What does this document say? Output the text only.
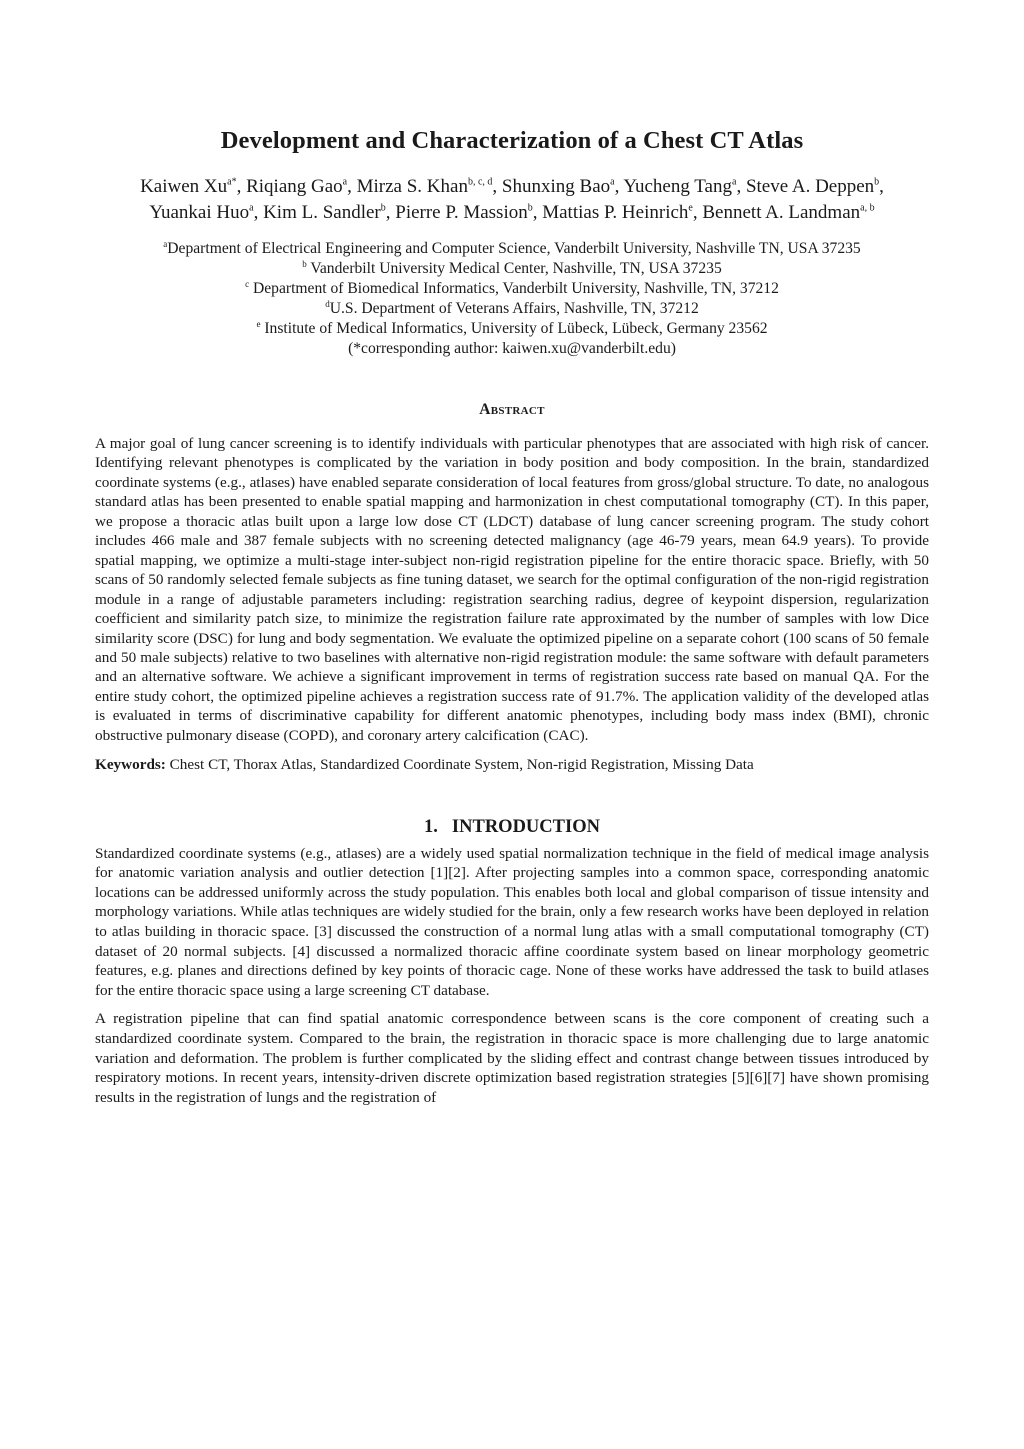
Development and Characterization of a Chest CT Atlas
Kaiwen $Xu^{a*}$, Riqiang Gao$^a$, Mirza S. Khan$^{b, c, d}$, Shunxing Bao$^a$, Yucheng Tang$^a$, Steve A. Deppen$^b$,
Yuankai Huo$^a$, Kim L. Sandler$^b$, Pierre P. Massion$^b$, Mattias P. Heinrich$^e$, Bennett A. Landman$^{a, b}$
$^a$Department of Electrical Engineering and Computer Science, Vanderbilt University, Nashville TN, USA 37235
$^b$ Vanderbilt University Medical Center, Nashville, TN, USA 37235
$^c$ Department of Biomedical Informatics, Vanderbilt University, Nashville, TN, 37212
$^d$U.S. Department of Veterans Affairs, Nashville, TN, 37212
$^e$ Institute of Medical Informatics, University of Lübeck, Lübeck, Germany 23562
(*corresponding author: kaiwen.xu@vanderbilt.edu)
Abstract
A major goal of lung cancer screening is to identify individuals with particular phenotypes that are associated with high risk of cancer. Identifying relevant phenotypes is complicated by the variation in body position and body composition. In the brain, standardized coordinate systems (e.g., atlases) have enabled separate consideration of local features from gross/global structure. To date, no analogous standard atlas has been presented to enable spatial mapping and harmonization in chest computational tomography (CT). In this paper, we propose a thoracic atlas built upon a large low dose CT (LDCT) database of lung cancer screening program. The study cohort includes 466 male and 387 female subjects with no screening detected malignancy (age 46-79 years, mean 64.9 years). To provide spatial mapping, we optimize a multi-stage inter-subject non-rigid registration pipeline for the entire thoracic space. Briefly, with 50 scans of 50 randomly selected female subjects as fine tuning dataset, we search for the optimal configuration of the non-rigid registration module in a range of adjustable parameters including: registration searching radius, degree of keypoint dispersion, regularization coefficient and similarity patch size, to minimize the registration failure rate approximated by the number of samples with low Dice similarity score (DSC) for lung and body segmentation. We evaluate the optimized pipeline on a separate cohort (100 scans of 50 female and 50 male subjects) relative to two baselines with alternative non-rigid registration module: the same software with default parameters and an alternative software. We achieve a significant improvement in terms of registration success rate based on manual QA. For the entire study cohort, the optimized pipeline achieves a registration success rate of 91.7%. The application validity of the developed atlas is evaluated in terms of discriminative capability for different anatomic phenotypes, including body mass index (BMI), chronic obstructive pulmonary disease (COPD), and coronary artery calcification (CAC).
Keywords: Chest CT, Thorax Atlas, Standardized Coordinate System, Non-rigid Registration, Missing Data
1. INTRODUCTION
Standardized coordinate systems (e.g., atlases) are a widely used spatial normalization technique in the field of medical image analysis for anatomic variation analysis and outlier detection [1][2]. After projecting samples into a common space, corresponding anatomic locations can be addressed uniformly across the study population. This enables both local and global comparison of tissue intensity and morphology variations. While atlas techniques are widely studied for the brain, only a few research works have been deployed in relation to atlas building in thoracic space. [3] discussed the construction of a normal lung atlas with a small computational tomography (CT) dataset of 20 normal subjects. [4] discussed a normalized thoracic affine coordinate system based on linear morphology geometric features, e.g. planes and directions defined by key points of thoracic cage. None of these works have addressed the task to build atlases for the entire thoracic space using a large screening CT database.
A registration pipeline that can find spatial anatomic correspondence between scans is the core component of creating such a standardized coordinate system. Compared to the brain, the registration in thoracic space is more challenging due to large anatomic variation and deformation. The problem is further complicated by the sliding effect and contrast change between tissues introduced by respiratory motions. In recent years, intensity-driven discrete optimization based registration strategies [5][6][7] have shown promising results in the registration of lungs and the registration of
